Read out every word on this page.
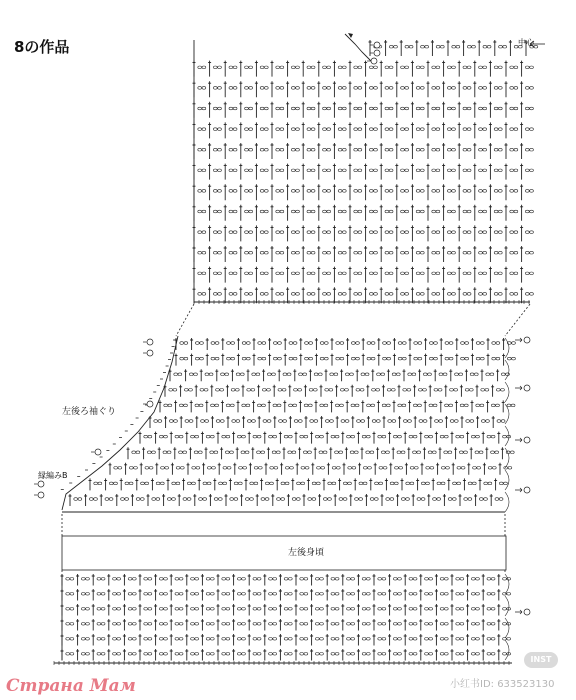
8の作品	中心
左後ろ袖ぐり
縁編みB
左後身頃
Страна Мам	小红书ID: 633523130
INST
